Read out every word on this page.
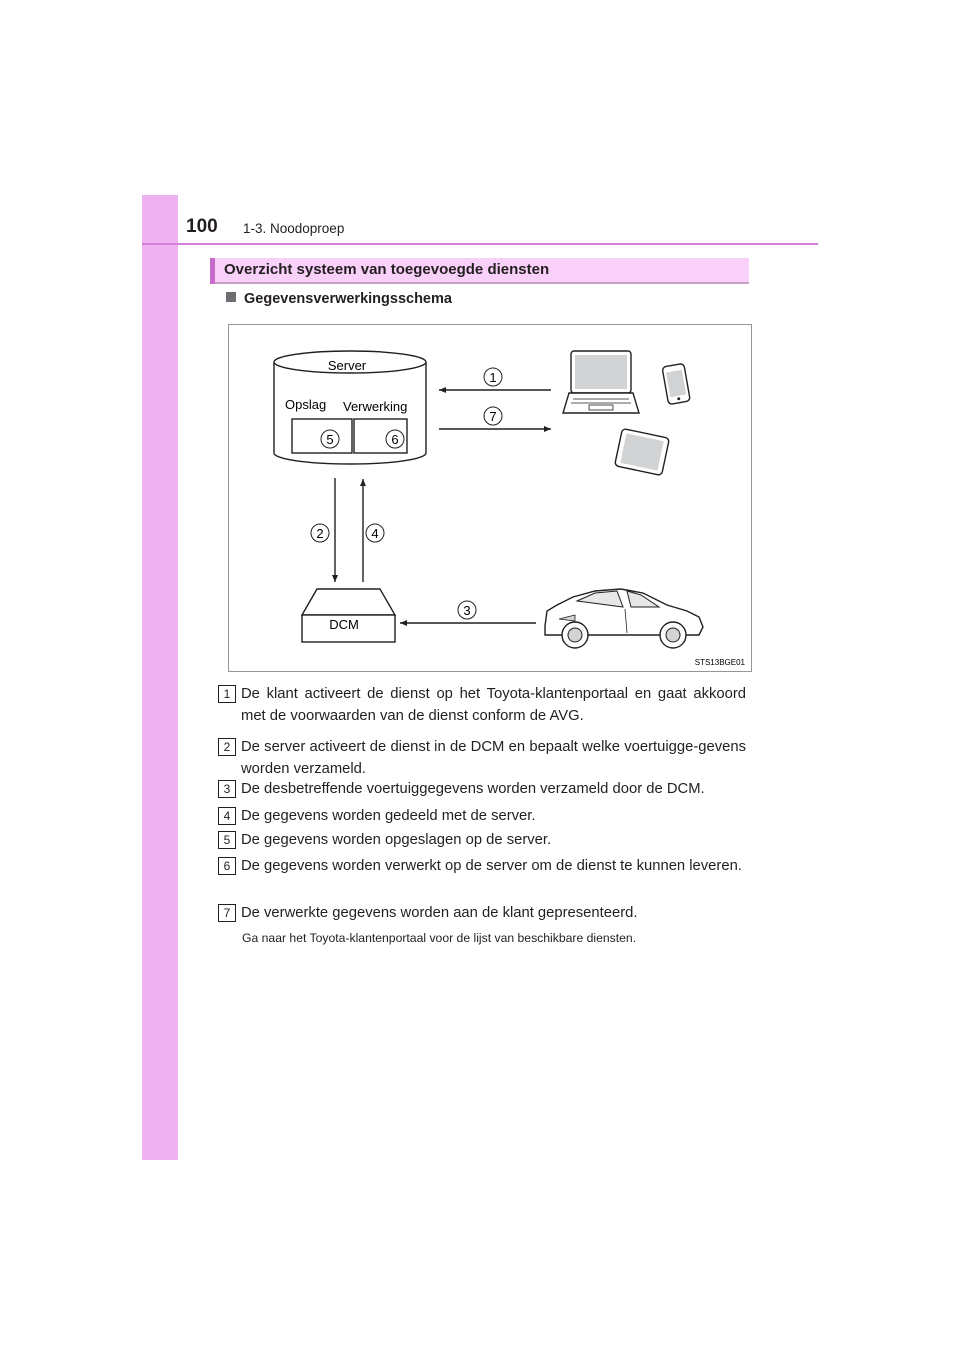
100 1-3. Noodoproep
Overzicht systeem van toegevoegde diensten
Gegevensverwerkingsschema
Server
Opslag Verwerking
5	6
1
7
2	4
DCM
3
STS13BGE01
1 De klant activeert de dienst op het Toyota-klantenportaal en gaat akkoord met de voorwaarden van de dienst conform de AVG.
2 De server activeert de dienst in de DCM en bepaalt welke voertuigge-gevens worden verzameld.
3 De desbetreffende voertuiggegevens worden verzameld door de DCM.
4 De gegevens worden gedeeld met de server.
5 De gegevens worden opgeslagen op de server.
6 De gegevens worden verwerkt op de server om de dienst te kunnen leveren.
7 De verwerkte gegevens worden aan de klant gepresenteerd.
Ga naar het Toyota-klantenportaal voor de lijst van beschikbare diensten.
